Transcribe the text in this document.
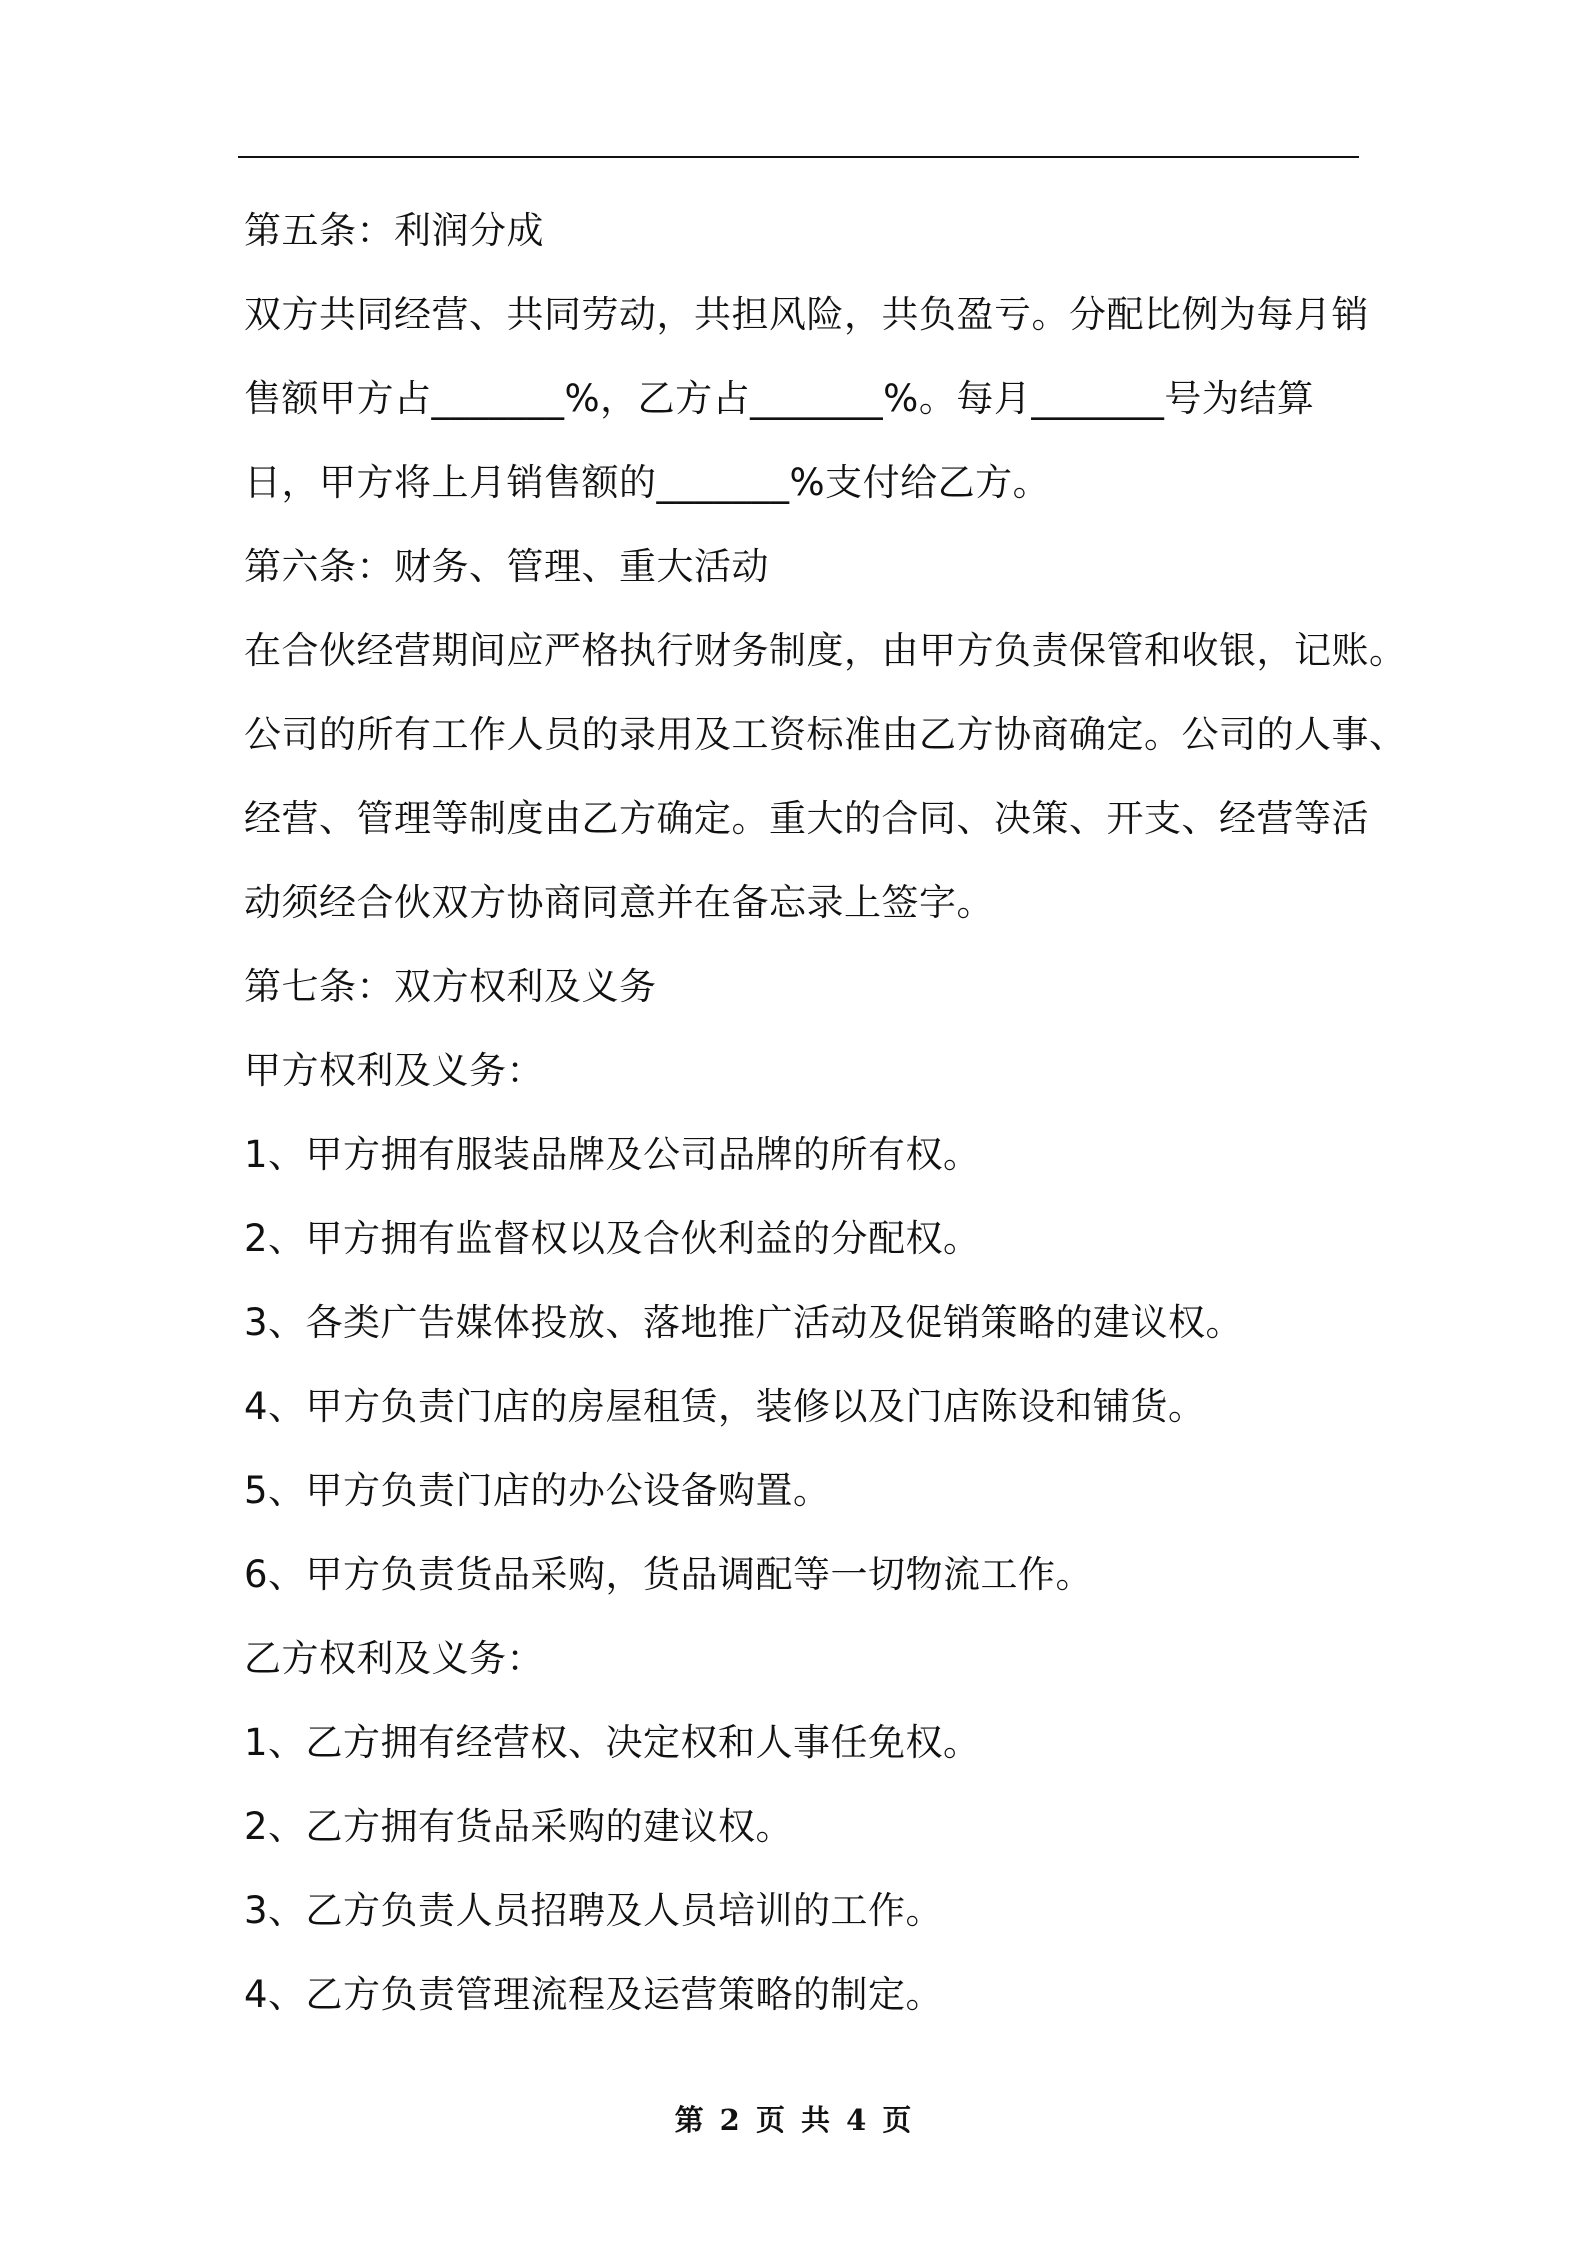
第五条：利润分成
双方共同经营、共同劳动，共担风险，共负盈亏。分配比例为每月销
售额甲方占_______%，乙方占_______%。每月_______号为结算
日，甲方将上月销售额的_______%支付给乙方。
第六条：财务、管理、重大活动
在合伙经营期间应严格执行财务制度，由甲方负责保管和收银，记账。
公司的所有工作人员的录用及工资标准由乙方协商确定。公司的人事、
经营、管理等制度由乙方确定。重大的合同、决策、开支、经营等活
动须经合伙双方协商同意并在备忘录上签字。
第七条：双方权利及义务
甲方权利及义务：
1、甲方拥有服装品牌及公司品牌的所有权。
2、甲方拥有监督权以及合伙利益的分配权。
3、各类广告媒体投放、落地推广活动及促销策略的建议权。
4、甲方负责门店的房屋租赁，装修以及门店陈设和铺货。
5、甲方负责门店的办公设备购置。
6、甲方负责货品采购，货品调配等一切物流工作。
乙方权利及义务：
1、乙方拥有经营权、决定权和人事任免权。
2、乙方拥有货品采购的建议权。
3、乙方负责人员招聘及人员培训的工作。
4、乙方负责管理流程及运营策略的制定。
第 2 页 共 4 页
